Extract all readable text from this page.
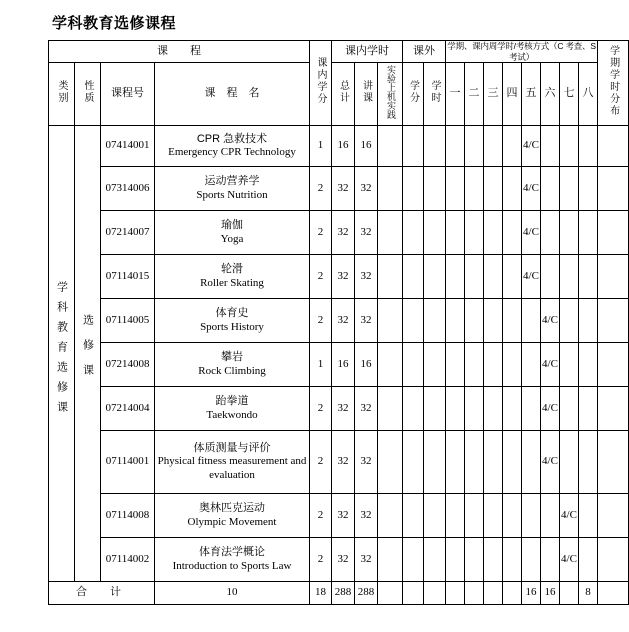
学科教育选修课程
课　　程				课内学分	课内学时			课外		学期、课内周学时/考核方式（C 考查、S 考试）								学期学时分布
类别	性质	课程号	课　程　名		总计	讲课	实验上机实践	学分	学时	一	二	三	四	五	六	七	八	
学科教育选修课	选修课	07414001	CPR 急救技术
Emergency CPR Technology	1	16	16								4/C				
		07314006	运动营养学
Sports Nutrition	2	32	32								4/C				
		07214007	瑜伽
Yoga	2	32	32								4/C				
		07114015	轮滑
Roller Skating	2	32	32								4/C				
		07114005	体育史
Sports History	2	32	32									4/C			
		07214008	攀岩
Rock Climbing	1	16	16									4/C			
		07214004	跆拳道
Taekwondo	2	32	32									4/C			
		07114001	体质测量与评价
Physical fitness measurement and evaluation	2	32	32									4/C			
		07114008	奥林匹克运动
Olympic Movement	2	32	32										4/C		
		07114002	体育法学概论
Introduction to Sports Law	2	32	32										4/C		
合　计			10	18	288	288								16	16		8	
